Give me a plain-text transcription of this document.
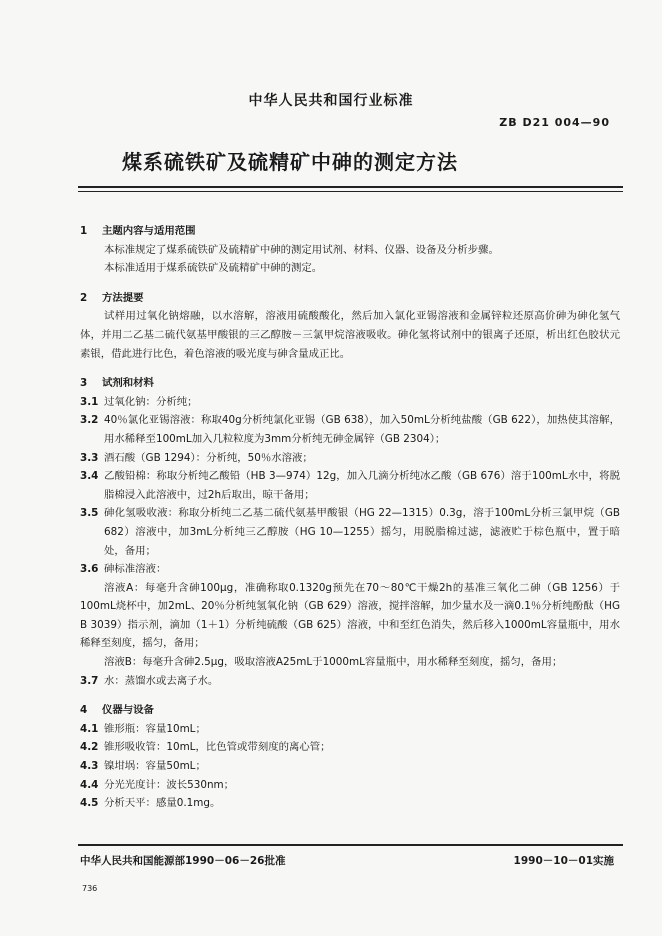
中华人民共和国行业标准
ZB D21 004—90
煤系硫铁矿及硫精矿中砷的测定方法
1 主题内容与适用范围
本标准规定了煤系硫铁矿及硫精矿中砷的测定用试剂、材料、仪器、设备及分析步骤。
本标准适用于煤系硫铁矿及硫精矿中砷的测定。
2 方法提要
试样用过氧化钠熔融，以水溶解，溶液用硫酸酸化，然后加入氯化亚锡溶液和金属锌粒还原高价砷为砷化氢气体，并用二乙基二硫代氨基甲酸银的三乙醇胺－三氯甲烷溶液吸收。砷化氢将试剂中的银离子还原，析出红色胶状元素银，借此进行比色，着色溶液的吸光度与砷含量成正比。
3 试剂和材料
3.1 过氧化钠：分析纯；
3.2 40％氯化亚锡溶液：称取40g分析纯氯化亚锡（GB 638），加入50mL分析纯盐酸（GB 622），加热使其溶解，用水稀释至100mL加入几粒粒度为3mm分析纯无砷金属锌（GB 2304）；
3.3 酒石酸（GB 1294）：分析纯，50％水溶液；
3.4 乙酸铅棉：称取分析纯乙酸铅（HB 3—974）12g，加入几滴分析纯冰乙酸（GB 676）溶于100mL水中，将脱脂棉浸入此溶液中，过2h后取出，晾干备用；
3.5 砷化氢吸收液：称取分析纯二乙基二硫代氨基甲酸银（HG 22—1315）0.3g，溶于100mL分析三氯甲烷（GB 682）溶液中，加3mL分析纯三乙醇胺（HG 10—1255）摇匀，用脱脂棉过滤，滤液贮于棕色瓶中，置于暗处，备用；
3.6 砷标准溶液：
溶液A：每毫升含砷100μg，准确称取0.1320g预先在70～80℃干燥2h的基准三氧化二砷（GB 1256）于100mL烧杯中，加2mL、20％分析纯氢氧化钠（GB 629）溶液，搅拌溶解，加少量水及一滴0.1％分析纯酚酞（HG B 3039）指示剂，滴加（1＋1）分析纯硫酸（GB 625）溶液，中和至红色消失，然后移入1000mL容量瓶中，用水稀释至刻度，摇匀，备用；
溶液B：每毫升含砷2.5μg，吸取溶液A25mL于1000mL容量瓶中，用水稀释至刻度，摇匀，备用；
3.7 水：蒸馏水或去离子水。
4 仪器与设备
4.1 锥形瓶：容量10mL；
4.2 锥形吸收管：10mL，比色管或带刻度的离心管；
4.3 镍坩埚：容量50mL；
4.4 分光光度计：波长530nm；
4.5 分析天平：感量0.1mg。
中华人民共和国能源部1990－06－26批准	1990－10－01实施
736
